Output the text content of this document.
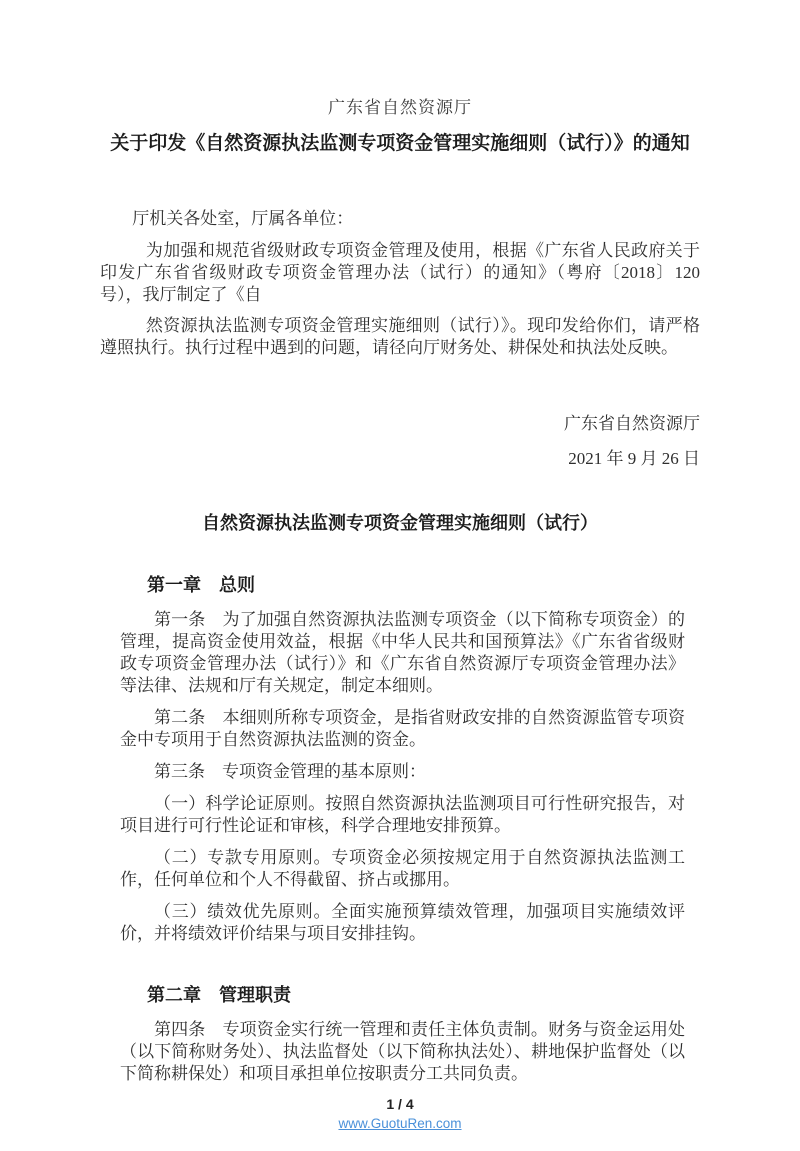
广东省自然资源厅
关于印发《自然资源执法监测专项资金管理实施细则（试行）》的通知

厅机关各处室，厅属各单位：

为加强和规范省级财政专项资金管理及使用，根据《广东省人民政府关于印发广东省省级财政专项资金管理办法（试行）的通知》（粤府〔2018〕120 号），我厅制定了《自

然资源执法监测专项资金管理实施细则（试行）》。现印发给你们，请严格遵照执行。执行过程中遇到的问题，请径向厅财务处、耕保处和执法处反映。

广东省自然资源厅

2021 年 9 月 26 日

自然资源执法监测专项资金管理实施细则（试行）
第一章　总则

第一条　为了加强自然资源执法监测专项资金（以下简称专项资金）的管理，提高资金使用效益，根据《中华人民共和国预算法》《广东省省级财政专项资金管理办法（试行）》和《广东省自然资源厅专项资金管理办法》等法律、法规和厅有关规定，制定本细则。

第二条　本细则所称专项资金，是指省财政安排的自然资源监管专项资金中专项用于自然资源执法监测的资金。

第三条　专项资金管理的基本原则：

（一）科学论证原则。按照自然资源执法监测项目可行性研究报告，对项目进行可行性论证和审核，科学合理地安排预算。

（二）专款专用原则。专项资金必须按规定用于自然资源执法监测工作，任何单位和个人不得截留、挤占或挪用。

（三）绩效优先原则。全面实施预算绩效管理，加强项目实施绩效评价，并将绩效评价结果与项目安排挂钩。

第二章　管理职责

第四条　专项资金实行统一管理和责任主体负责制。财务与资金运用处（以下简称财务处）、执法监督处（以下简称执法处）、耕地保护监督处（以下简称耕保处）和项目承担单位按职责分工共同负责。

1 / 4
www.GuotuRen.com
